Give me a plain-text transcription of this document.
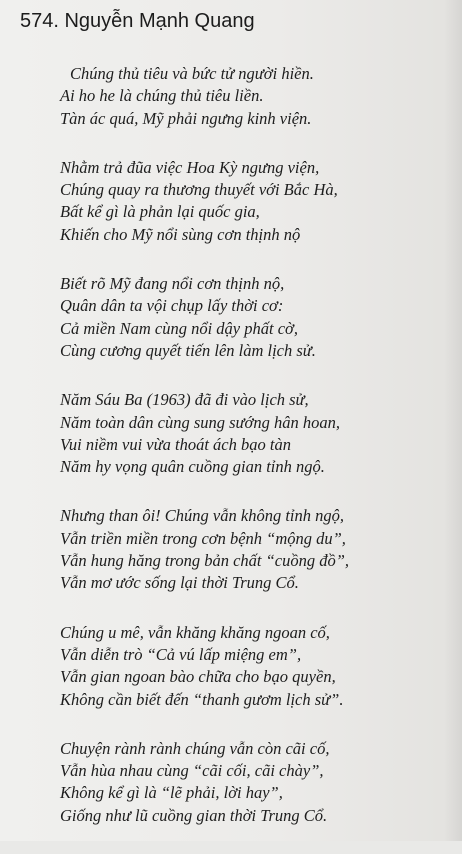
574. Nguyễn Mạnh Quang
Chúng thủ tiêu và bức tử người hiền.
Ai ho he là chúng thủ tiêu liền.
Tàn ác quá, Mỹ phải ngưng kinh viện.
Nhằm trả đũa việc Hoa Kỳ ngưng viện,
Chúng quay ra thương thuyết với Bắc Hà,
Bất kể gì là phản lại quốc gia,
Khiến cho Mỹ nổi sùng cơn thịnh nộ
Biết rõ Mỹ đang nổi cơn thịnh nộ,
Quân dân ta vội chụp lấy thời cơ:
Cả miền Nam cùng nổi dậy phất cờ,
Cùng cương quyết tiến lên làm lịch sử.
Năm Sáu Ba (1963) đã đi vào lịch sử,
Năm toàn dân cùng sung sướng hân hoan,
Vui niềm vui vừa thoát ách bạo tàn
Năm hy vọng quân cuồng gian tỉnh ngộ.
Nhưng than ôi! Chúng vẫn không tỉnh ngộ,
Vẫn triền miền trong cơn bệnh “mộng du”,
Vẫn hung hăng trong bản chất “cuồng đồ”,
Vẫn mơ ước sống lại thời Trung Cổ.
Chúng u mê, vẫn khăng khăng ngoan cố,
Vẫn diễn trò “Cả vú lấp miệng em”,
Vẫn gian ngoan bào chữa cho bạo quyền,
Không cần biết đến “thanh gươm lịch sử”.
Chuyện rành rành chúng vẫn còn cãi cố,
Vẫn hùa nhau cùng “cãi cối, cãi chày”,
Không kể gì là “lẽ phải, lời hay”,
Giống như lũ cuồng gian thời Trung Cổ.
